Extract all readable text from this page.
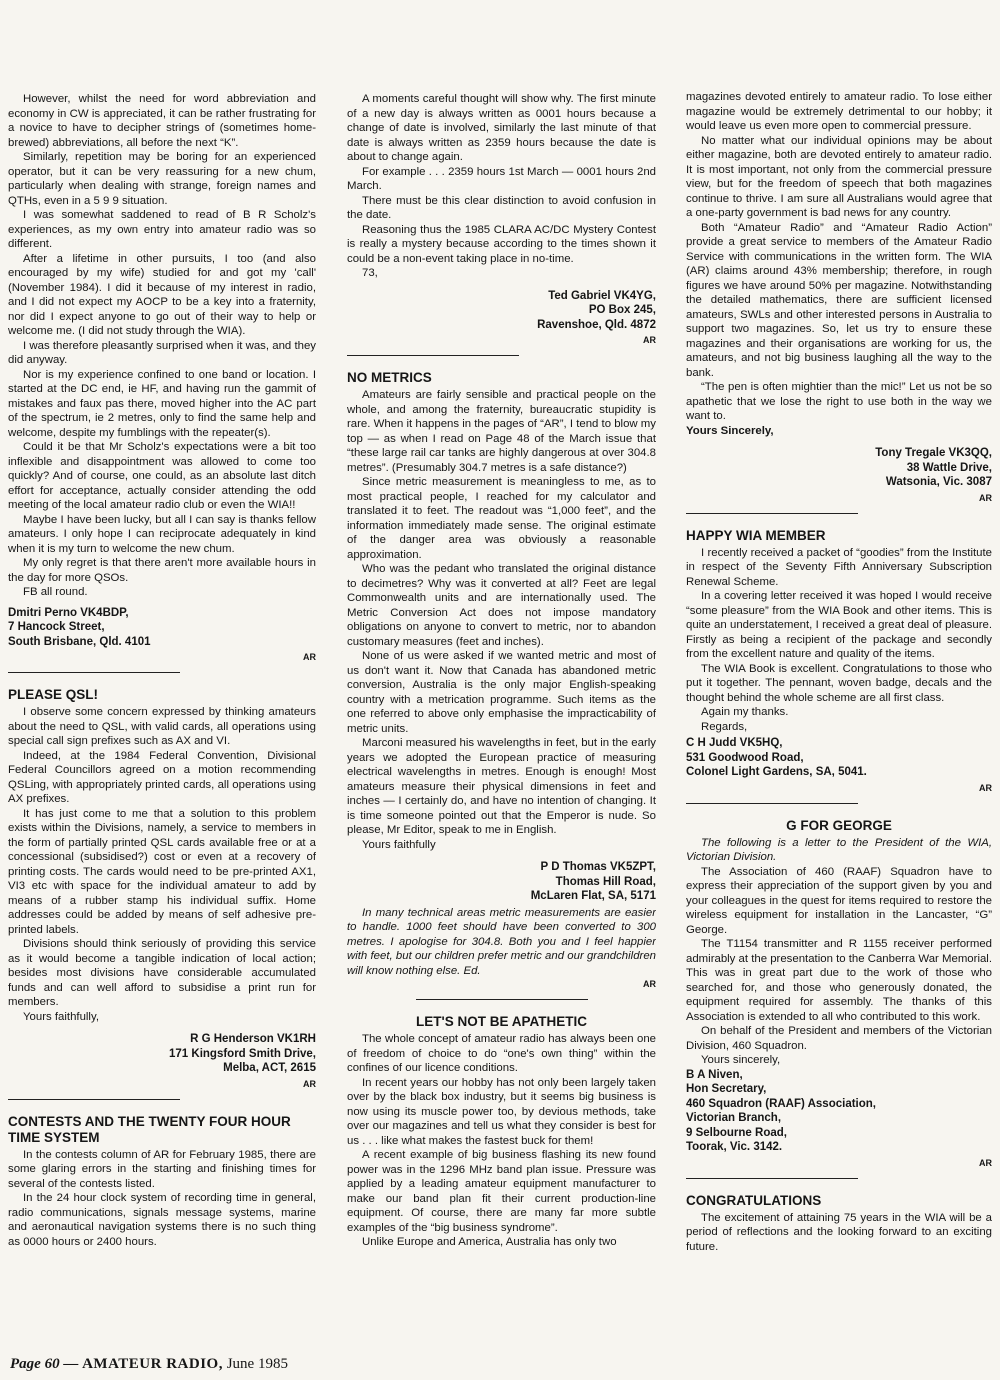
However, whilst the need for word abbreviation and economy in CW is appreciated, it can be rather frustrating for a novice to have to decipher strings of (sometimes home-brewed) abbreviations, all before the next “K”.

Similarly, repetition may be boring for an experienced operator, but it can be very reassuring for a new chum, particularly when dealing with strange, foreign names and QTHs, even in a 5 9 9 situation.

I was somewhat saddened to read of B R Scholz's experiences, as my own entry into amateur radio was so different.

After a lifetime in other pursuits, I too (and also encouraged by my wife) studied for and got my 'call' (November 1984). I did it because of my interest in radio, and I did not expect my AOCP to be a key into a fraternity, nor did I expect anyone to go out of their way to help or welcome me. (I did not study through the WIA).

I was therefore pleasantly surprised when it was, and they did anyway.

Nor is my experience confined to one band or location. I started at the DC end, ie HF, and having run the gammit of mistakes and faux pas there, moved higher into the AC part of the spectrum, ie 2 metres, only to find the same help and welcome, despite my fumblings with the repeater(s).

Could it be that Mr Scholz's expectations were a bit too inflexible and disappointment was allowed to come too quickly? And of course, one could, as an absolute last ditch effort for acceptance, actually consider attending the odd meeting of the local amateur radio club or even the WIA!!

Maybe I have been lucky, but all I can say is thanks fellow amateurs. I only hope I can reciprocate adequately in kind when it is my turn to welcome the new chum.

My only regret is that there aren't more available hours in the day for more QSOs.

FB all round.

Dmitri Perno VK4BDP,
7 Hancock Street,
South Brisbane, Qld. 4101
AR
PLEASE QSL!

I observe some concern expressed by thinking amateurs about the need to QSL, with valid cards, all operations using special call sign prefixes such as AX and VI.

Indeed, at the 1984 Federal Convention, Divisional Federal Councillors agreed on a motion recommending QSLing, with appropriately printed cards, all operations using AX prefixes.

It has just come to me that a solution to this problem exists within the Divisions, namely, a service to members in the form of partially printed QSL cards available free or at a concessional (subsidised?) cost or even at a recovery of printing costs. The cards would need to be pre-printed AX1, VI3 etc with space for the individual amateur to add by means of a rubber stamp his individual suffix. Home addresses could be added by means of self adhesive pre-printed labels.

Divisions should think seriously of providing this service as it would become a tangible indication of local action; besides most divisions have considerable accumulated funds and can well afford to subsidise a print run for members.

Yours faithfully,

R G Henderson VK1RH
171 Kingsford Smith Drive,
Melba, ACT, 2615
AR
CONTESTS AND THE TWENTY FOUR HOUR TIME SYSTEM

In the contests column of AR for February 1985, there are some glaring errors in the starting and finishing times for several of the contests listed.

In the 24 hour clock system of recording time in general, radio communications, signals message systems, marine and aeronautical navigation systems there is no such thing as 0000 hours or 2400 hours.

A moments careful thought will show why. The first minute of a new day is always written as 0001 hours because a change of date is involved, similarly the last minute of that date is always written as 2359 hours because the date is about to change again.

For example . . . 2359 hours 1st March — 0001 hours 2nd March.

There must be this clear distinction to avoid confusion in the date.

Reasoning thus the 1985 CLARA AC/DC Mystery Contest is really a mystery because according to the times shown it could be a non-event taking place in no-time.

73,

Ted Gabriel VK4YG,
PO Box 245,
Ravenshoe, Qld. 4872
AR
NO METRICS

Amateurs are fairly sensible and practical people on the whole, and among the fraternity, bureaucratic stupidity is rare. When it happens in the pages of “AR”, I tend to blow my top — as when I read on Page 48 of the March issue that “these large rail car tanks are highly dangerous at over 304.8 metres”. (Presumably 304.7 metres is a safe distance?)

Since metric measurement is meaningless to me, as to most practical people, I reached for my calculator and translated it to feet. The readout was “1,000 feet”, and the information immediately made sense. The original estimate of the danger area was obviously a reasonable approximation.

Who was the pedant who translated the original distance to decimetres? Why was it converted at all? Feet are legal Commonwealth units and are internationally used. The Metric Conversion Act does not impose mandatory obligations on anyone to convert to metric, nor to abandon customary measures (feet and inches).

None of us were asked if we wanted metric and most of us don't want it. Now that Canada has abandoned metric conversion, Australia is the only major English-speaking country with a metrication programme. Such items as the one referred to above only emphasise the impracticability of metric units.

Marconi measured his wavelengths in feet, but in the early years we adopted the European practice of measuring electrical wavelengths in metres. Enough is enough! Most amateurs measure their physical dimensions in feet and inches — I certainly do, and have no intention of changing. It is time someone pointed out that the Emperor is nude. So please, Mr Editor, speak to me in English.

Yours faithfully

P D Thomas VK5ZPT,
Thomas Hill Road,
McLaren Flat, SA, 5171

In many technical areas metric measurements are easier to handle. 1000 feet should have been converted to 300 metres. I apologise for 304.8. Both you and I feel happier with feet, but our children prefer metric and our grandchildren will know nothing else. Ed.

AR
LET'S NOT BE APATHETIC

The whole concept of amateur radio has always been one of freedom of choice to do “one's own thing” within the confines of our licence conditions.

In recent years our hobby has not only been largely taken over by the black box industry, but it seems big business is now using its muscle power too, by devious methods, take over our magazines and tell us what they consider is best for us . . . like what makes the fastest buck for them!

A recent example of big business flashing its new found power was in the 1296 MHz band plan issue. Pressure was applied by a leading amateur equipment manufacturer to make our band plan fit their current production-line equipment. Of course, there are many far more subtle examples of the “big business syndrome”.

Unlike Europe and America, Australia has only two

magazines devoted entirely to amateur radio. To lose either magazine would be extremely detrimental to our hobby; it would leave us even more open to commercial pressure.

No matter what our individual opinions may be about either magazine, both are devoted entirely to amateur radio. It is most important, not only from the commercial pressure view, but for the freedom of speech that both magazines continue to thrive. I am sure all Australians would agree that a one-party government is bad news for any country.

Both “Amateur Radio” and “Amateur Radio Action” provide a great service to members of the Amateur Radio Service with communications in the written form. The WIA (AR) claims around 43% membership; therefore, in rough figures we have around 50% per magazine. Notwithstanding the detailed mathematics, there are sufficient licensed amateurs, SWLs and other interested persons in Australia to support two magazines. So, let us try to ensure these magazines and their organisations are working for us, the amateurs, and not big business laughing all the way to the bank.

“The pen is often mightier than the mic!” Let us not be so apathetic that we lose the right to use both in the way we want to.

Yours Sincerely,
Tony Tregale VK3QQ,
38 Wattle Drive,
Watsonia, Vic. 3087
AR
HAPPY WIA MEMBER

I recently received a packet of “goodies” from the Institute in respect of the Seventy Fifth Anniversary Subscription Renewal Scheme.

In a covering letter received it was hoped I would receive “some pleasure” from the WIA Book and other items. This is quite an understatement, I received a great deal of pleasure. Firstly as being a recipient of the package and secondly from the excellent nature and quality of the items.

The WIA Book is excellent. Congratulations to those who put it together. The pennant, woven badge, decals and the thought behind the whole scheme are all first class.

Again my thanks.

Regards,

C H Judd VK5HQ,
531 Goodwood Road,
Colonel Light Gardens, SA, 5041.
AR
G FOR GEORGE

The following is a letter to the President of the WIA, Victorian Division.

The Association of 460 (RAAF) Squadron have to express their appreciation of the support given by you and your colleagues in the quest for items required to restore the wireless equipment for installation in the Lancaster, “G” George.

The T1154 transmitter and R 1155 receiver performed admirably at the presentation to the Canberra War Memorial. This was in great part due to the work of those who searched for, and those who generously donated, the equipment required for assembly. The thanks of this Association is extended to all who contributed to this work.

On behalf of the President and members of the Victorian Division, 460 Squadron.

Yours sincerely,

B A Niven,
Hon Secretary,
460 Squadron (RAAF) Association,
Victorian Branch,
9 Selbourne Road,
Toorak, Vic. 3142.
AR
CONGRATULATIONS

The excitement of attaining 75 years in the WIA will be a period of reflections and the looking forward to an exciting future.

Page 60 — AMATEUR RADIO, June 1985
